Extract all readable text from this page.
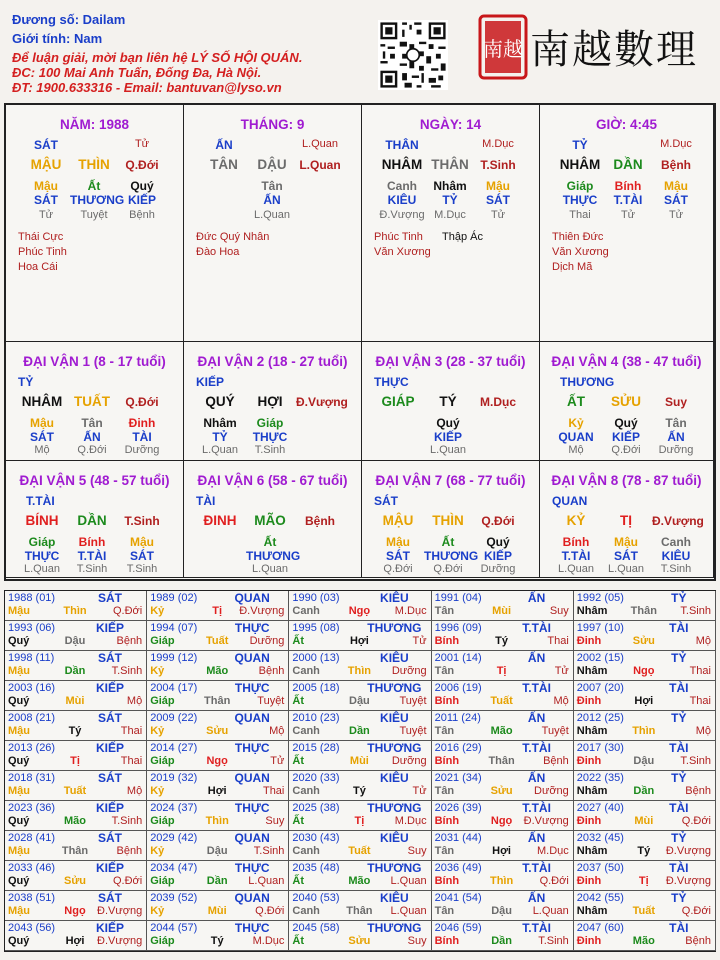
Đương số: Dailam
Giới tính: Nam
Để luận giải, mời bạn liên hệ LÝ SỐ HỘI QUÁN.
ĐC: 100 Mai Anh Tuấn, Đống Đa, Hà Nội.
ĐT: 1900.633316 - Email: bantuvan@lyso.vn
南越 南越數理
NĂM: 1988
SÁT	Tử
MẬU	THÌN	Q.Đới
Mậu
SÁT
Tử
Ất
THƯƠNG
Tuyệt
Quý
KIẾP
Bệnh
Thái Cực
Phúc Tinh
Hoa Cái
THÁNG: 9
ẤN	L.Quan
TÂN	DẬU	L.Quan
Tân
ẤN
L.Quan
Đức Quý Nhân
Đào Hoa
NGÀY: 14
THÂN	M.Dục
NHÂM THÂN T.Sinh
Canh
KIÊU
Đ.Vượng
Nhâm
TỶ
M.Dục
Mậu
SÁT
Tử
Phúc Tinh Thập Ác
Văn Xương
GIỜ: 4:45
TỶ	M.Dục
NHÂM DẦN	Bệnh
Giáp
THỰC
Thai
Bính
T.TÀI
Tử
Mậu
SÁT
Tử
Thiên Đức
Văn Xương
Dịch Mã
ĐẠI VẬN 1 (8 - 17 tuổi)
TỶ
NHÂM TUẤT	Q.Đới
Mậu
SÁT
Mộ
Tân
ẤN
Q.Đới
Đinh
TÀI
Dưỡng
ĐẠI VẬN 2 (18 - 27 tuổi)
KIẾP
QUÝ	HỢI	Đ.Vượng
Nhâm
TỶ
L.Quan
Giáp
THỰC
T.Sinh
ĐẠI VẬN 3 (28 - 37 tuổi)
THỰC
GIÁP	TÝ	M.Dục
Quý
KIẾP
L.Quan
ĐẠI VẬN 4 (38 - 47 tuổi)
THƯƠNG
ẤT	SỬU	Suy
Kỷ
QUAN
Mộ
Quý
KIẾP
Q.Đới
Tân
ẤN
Dưỡng
ĐẠI VẬN 5 (48 - 57 tuổi)
T.TÀI
BÍNH	DẦN	T.Sinh
Giáp
THỰC
L.Quan
Bính
T.TÀI
T.Sinh
Mậu
SÁT
T.Sinh
ĐẠI VẬN 6 (58 - 67 tuổi)
TÀI
ĐINH	MÃO	Bệnh
Ất
THƯƠNG
L.Quan
ĐẠI VẬN 7 (68 - 77 tuổi)
SÁT
MẬU	THÌN	Q.Đới
Mậu
SÁT
Q.Đới
Ất
THƯƠNG
Q.Đới
Quý
KIẾP
Dưỡng
ĐẠI VẬN 8 (78 - 87 tuổi)
QUAN
KỶ	TỊ	Đ.Vượng
Bính
T.TÀI
L.Quan
Mậu
SÁT
L.Quan
Canh
KIÊU
T.Sinh
1988 (01)	SÁT
Mậu	Thìn	Q.Đới
1989 (02)	QUAN
Kỷ	Tị	Đ.Vượng
1990 (03)	KIÊU
Canh	Ngọ	M.Dục
1991 (04)	ẤN
Tân	Mùi	Suy
1992 (05)	TỶ
Nhâm	Thân	T.Sinh
1993 (06)	KIẾP
Quý	Dậu	Bệnh
1994 (07)	THỰC
Giáp	Tuất	Dưỡng
1995 (08) THƯƠNG
Ất	Hợi	Tử
1996 (09)	T.TÀI
Bính	Tý	Thai
1997 (10)	TÀI
Đinh	Sửu	Mộ
1998 (11)	SÁT
Mậu	Dần	T.Sinh
1999 (12)	QUAN
Kỷ	Mão	Bệnh
2000 (13)	KIÊU
Canh	Thìn	Dưỡng
2001 (14)	ẤN
Tân	Tị	Tử
2002 (15)	TỶ
Nhâm	Ngọ	Thai
2003 (16)	KIẾP
Quý	Mùi	Mộ
2004 (17)	THỰC
Giáp	Thân	Tuyệt
2005 (18) THƯƠNG
Ất	Dậu	Tuyệt
2006 (19)	T.TÀI
Bính	Tuất	Mộ
2007 (20)	TÀI
Đinh	Hợi	Thai
2008 (21)	SÁT
Mậu	Tý	Thai
2009 (22)	QUAN
Kỷ	Sửu	Mộ
2010 (23)	KIÊU
Canh	Dần	Tuyệt
2011 (24)	ẤN
Tân	Mão	Tuyệt
2012 (25)	TỶ
Nhâm	Thìn	Mộ
2013 (26)	KIẾP
Quý	Tị	Thai
2014 (27)	THỰC
Giáp	Ngọ	Tử
2015 (28) THƯƠNG
Ất	Mùi	Dưỡng
2016 (29)	T.TÀI
Bính	Thân	Bệnh
2017 (30)	TÀI
Đinh	Dậu	T.Sinh
2018 (31)	SÁT
Mậu	Tuất	Mộ
2019 (32)	QUAN
Kỷ	Hợi	Thai
2020 (33)	KIÊU
Canh	Tý	Tử
2021 (34)	ẤN
Tân	Sửu	Dưỡng
2022 (35)	TỶ
Nhâm	Dần	Bệnh
2023 (36)	KIẾP
Quý	Mão	T.Sinh
2024 (37)	THỰC
Giáp	Thìn	Suy
2025 (38) THƯƠNG
Ất	Tị	M.Dục
2026 (39)	T.TÀI
Bính	Ngọ	Đ.Vượng
2027 (40)	TÀI
Đinh	Mùi	Q.Đới
2028 (41)	SÁT
Mậu	Thân	Bệnh
2029 (42)	QUAN
Kỷ	Dậu	T.Sinh
2030 (43)	KIÊU
Canh	Tuất	Suy
2031 (44)	ẤN
Tân	Hợi	M.Dục
2032 (45)	TỶ
Nhâm	Tý	Đ.Vượng
2033 (46)	KIẾP
Quý	Sửu	Q.Đới
2034 (47)	THỰC
Giáp	Dần	L.Quan
2035 (48) THƯƠNG
Ất	Mão	L.Quan
2036 (49)	T.TÀI
Bính	Thìn	Q.Đới
2037 (50)	TÀI
Đinh	Tị	Đ.Vượng
2038 (51)	SÁT
Mậu	Ngọ	Đ.Vượng
2039 (52)	QUAN
Kỷ	Mùi	Q.Đới
2040 (53)	KIÊU
Canh	Thân	L.Quan
2041 (54)	ẤN
Tân	Dậu	L.Quan
2042 (55)	TỶ
Nhâm	Tuất	Q.Đới
2043 (56)	KIẾP
Quý	Hợi	Đ.Vượng
2044 (57)	THỰC
Giáp	Tý	M.Dục
2045 (58) THƯƠNG
Ất	Sửu	Suy
2046 (59)	T.TÀI
Bính	Dần	T.Sinh
2047 (60)	TÀI
Đinh	Mão	Bệnh
